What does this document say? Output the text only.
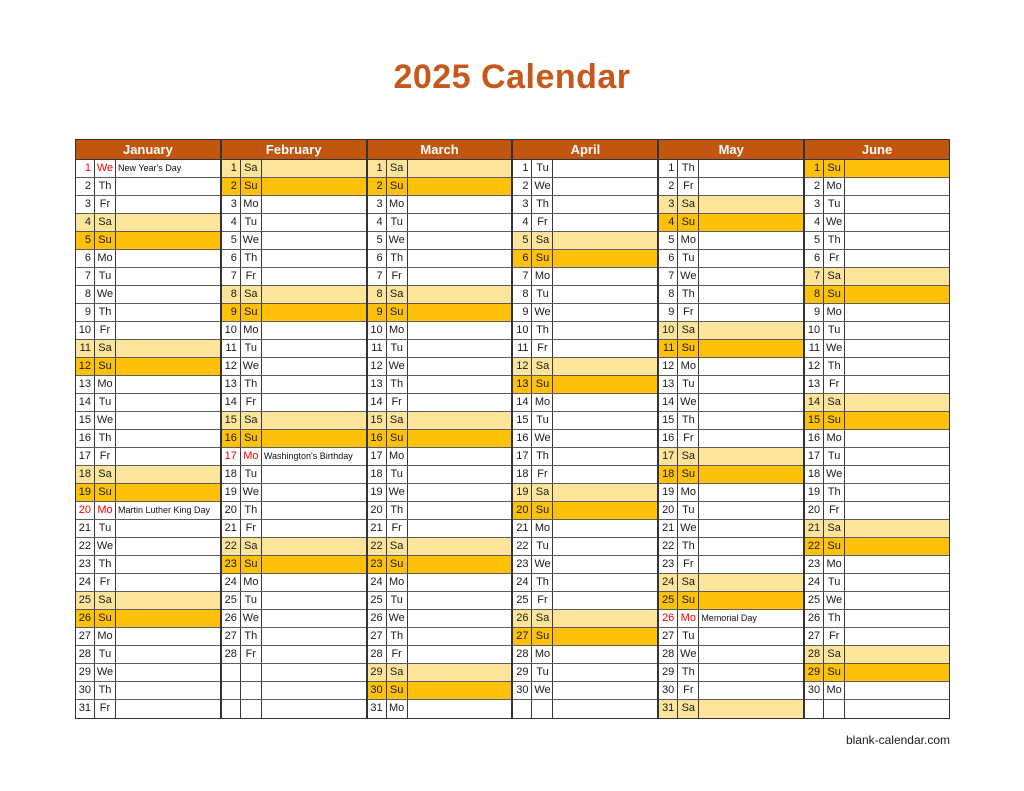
2025 Calendar
January
1 We New Year's Day
2 Th
3 Fr
4 Sa
5 Su
6 Mo
7 Tu
8 We
9 Th
10 Fr
11 Sa
12 Su
13 Mo
14 Tu
15 We
16 Th
17 Fr
18 Sa
19 Su
20 Mo Martin Luther King Day
21 Tu
22 We
23 Th
24 Fr
25 Sa
26 Su
27 Mo
28 Tu
29 We
30 Th
31 Fr
February
1 Sa
2 Su
3 Mo
4 Tu
5 We
6 Th
7 Fr
8 Sa
9 Su
10 Mo
11 Tu
12 We
13 Th
14 Fr
15 Sa
16 Su
17 Mo Washington's Birthday
18 Tu
19 We
20 Th
21 Fr
22 Sa
23 Su
24 Mo
25 Tu
26 We
27 Th
28 Fr
March
1 Sa
2 Su
3 Mo
4 Tu
5 We
6 Th
7 Fr
8 Sa
9 Su
10 Mo
11 Tu
12 We
13 Th
14 Fr
15 Sa
16 Su
17 Mo
18 Tu
19 We
20 Th
21 Fr
22 Sa
23 Su
24 Mo
25 Tu
26 We
27 Th
28 Fr
29 Sa
30 Su
31 Mo
April
1 Tu
2 We
3 Th
4 Fr
5 Sa
6 Su
7 Mo
8 Tu
9 We
10 Th
11 Fr
12 Sa
13 Su
14 Mo
15 Tu
16 We
17 Th
18 Fr
19 Sa
20 Su
21 Mo
22 Tu
23 We
24 Th
25 Fr
26 Sa
27 Su
28 Mo
29 Tu
30 We
May
1 Th
2 Fr
3 Sa
4 Su
5 Mo
6 Tu
7 We
8 Th
9 Fr
10 Sa
11 Su
12 Mo
13 Tu
14 We
15 Th
16 Fr
17 Sa
18 Su
19 Mo
20 Tu
21 We
22 Th
23 Fr
24 Sa
25 Su
26 Mo Memorial Day
27 Tu
28 We
29 Th
30 Fr
31 Sa
June
1 Su
2 Mo
3 Tu
4 We
5 Th
6 Fr
7 Sa
8 Su
9 Mo
10 Tu
11 We
12 Th
13 Fr
14 Sa
15 Su
16 Mo
17 Tu
18 We
19 Th
20 Fr
21 Sa
22 Su
23 Mo
24 Tu
25 We
26 Th
27 Fr
28 Sa
29 Su
30 Mo
blank-calendar.com
